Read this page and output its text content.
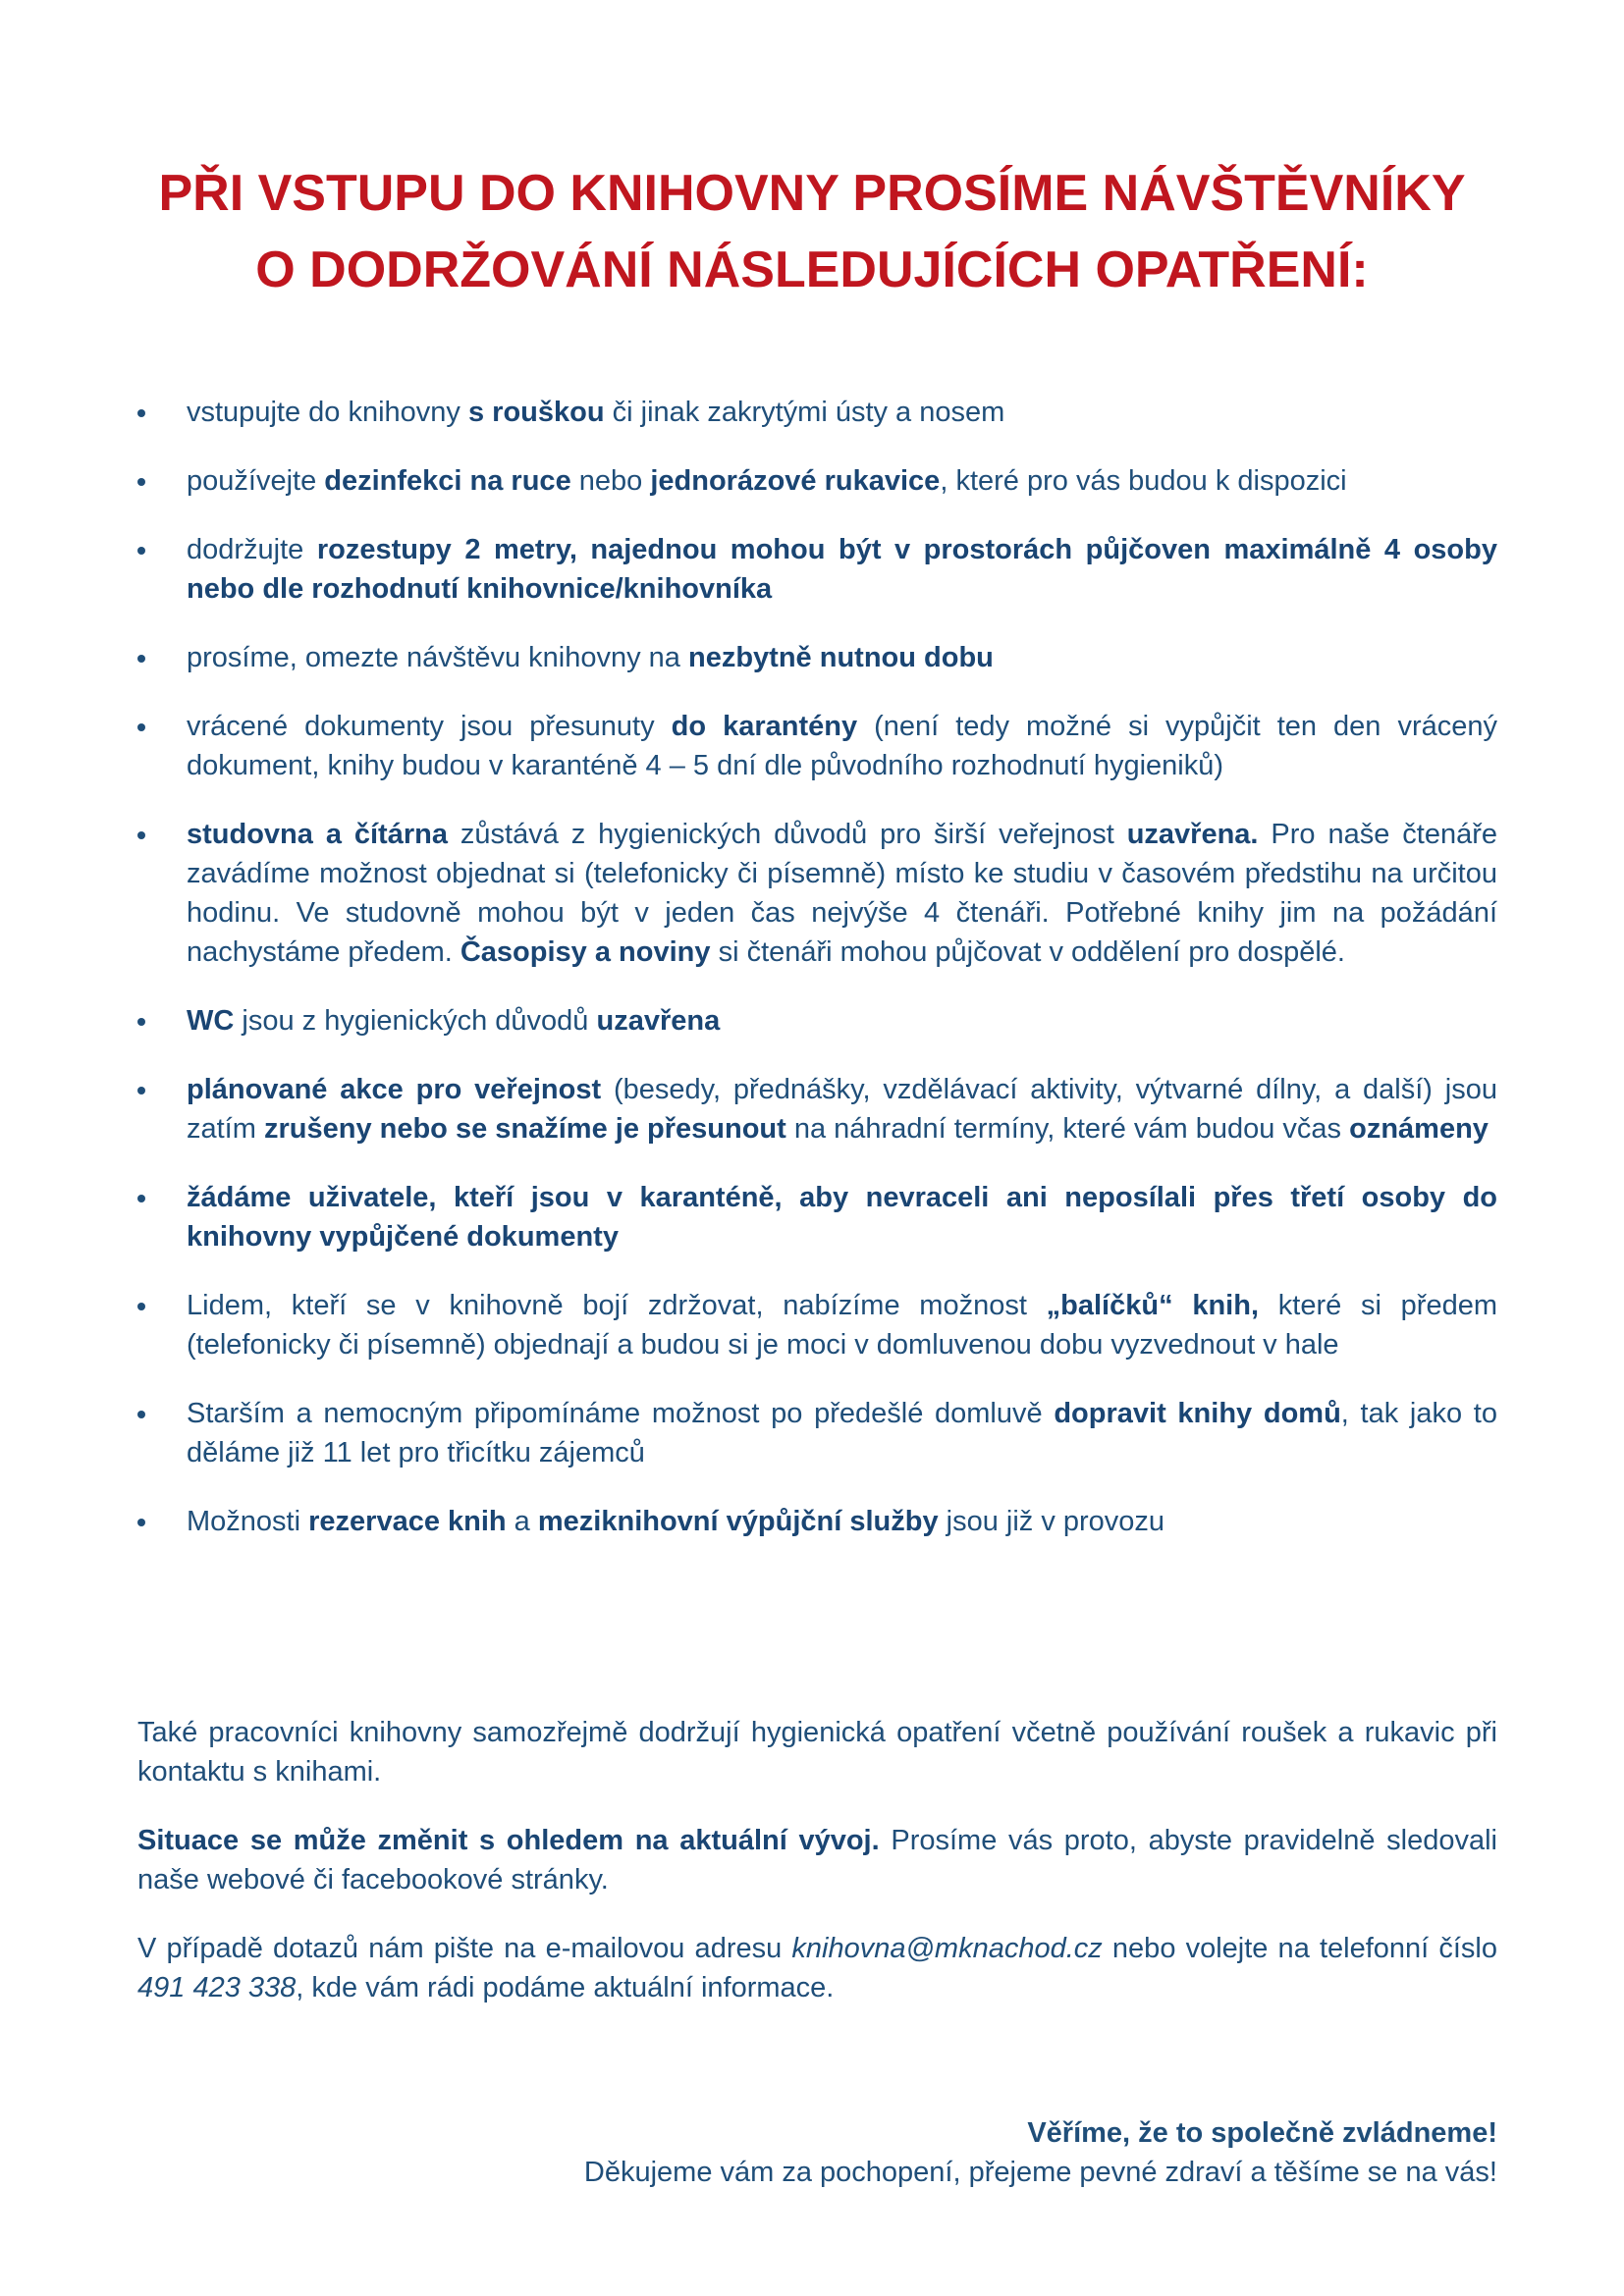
PŘI VSTUPU DO KNIHOVNY PROSÍME NÁVŠTĚVNÍKY
O DODRŽOVÁNÍ NÁSLEDUJÍCÍCH OPATŘENÍ:
vstupujte do knihovny s rouškou či jinak zakrytými ústy a nosem
používejte dezinfekci na ruce nebo jednorázové rukavice, které pro vás budou k dispozici
dodržujte rozestupy 2 metry, najednou mohou být v prostorách půjčoven maximálně 4 osoby nebo dle rozhodnutí knihovnice/knihovníka
prosíme, omezte návštěvu knihovny na nezbytně nutnou dobu
vrácené dokumenty jsou přesunuty do karantény (není tedy možné si vypůjčit ten den vrácený dokument, knihy budou v karanténě 4 – 5 dní dle původního rozhodnutí hygieniků)
studovna a čítárna zůstává z hygienických důvodů pro širší veřejnost uzavřena. Pro naše čtenáře zavádíme možnost objednat si (telefonicky či písemně) místo ke studiu v časovém předstihu na určitou hodinu. Ve studovně mohou být v jeden čas nejvýše 4 čtenáři. Potřebné knihy jim na požádání nachystáme předem. Časopisy a noviny si čtenáři mohou půjčovat v oddělení pro dospělé.
WC jsou z hygienických důvodů uzavřena
plánované akce pro veřejnost (besedy, přednášky, vzdělávací aktivity, výtvarné dílny, a další) jsou zatím zrušeny nebo se snažíme je přesunout na náhradní termíny, které vám budou včas oznámeny
žádáme uživatele, kteří jsou v karanténě, aby nevraceli ani neposílali přes třetí osoby do knihovny vypůjčené dokumenty
Lidem, kteří se v knihovně bojí zdržovat, nabízíme možnost „balíčků“ knih, které si předem (telefonicky či písemně) objednají a budou si je moci v domluvenou dobu vyzvednout v hale
Starším a nemocným připomínáme možnost po předešlé domluvě dopravit knihy domů, tak jako to děláme již 11 let pro třicítku zájemců
Možnosti rezervace knih a meziknihovní výpůjční služby jsou již v provozu
Také pracovníci knihovny samozřejmě dodržují hygienická opatření včetně používání roušek a rukavic při kontaktu s knihami.
Situace se může změnit s ohledem na aktuální vývoj. Prosíme vás proto, abyste pravidelně sledovali naše webové či facebookové stránky.
V případě dotazů nám pište na e-mailovou adresu knihovna@mknachod.cz nebo volejte na telefonní číslo 491 423 338, kde vám rádi podáme aktuální informace.
Věříme, že to společně zvládneme!
Děkujeme vám za pochopení, přejeme pevné zdraví a těšíme se na vás!
